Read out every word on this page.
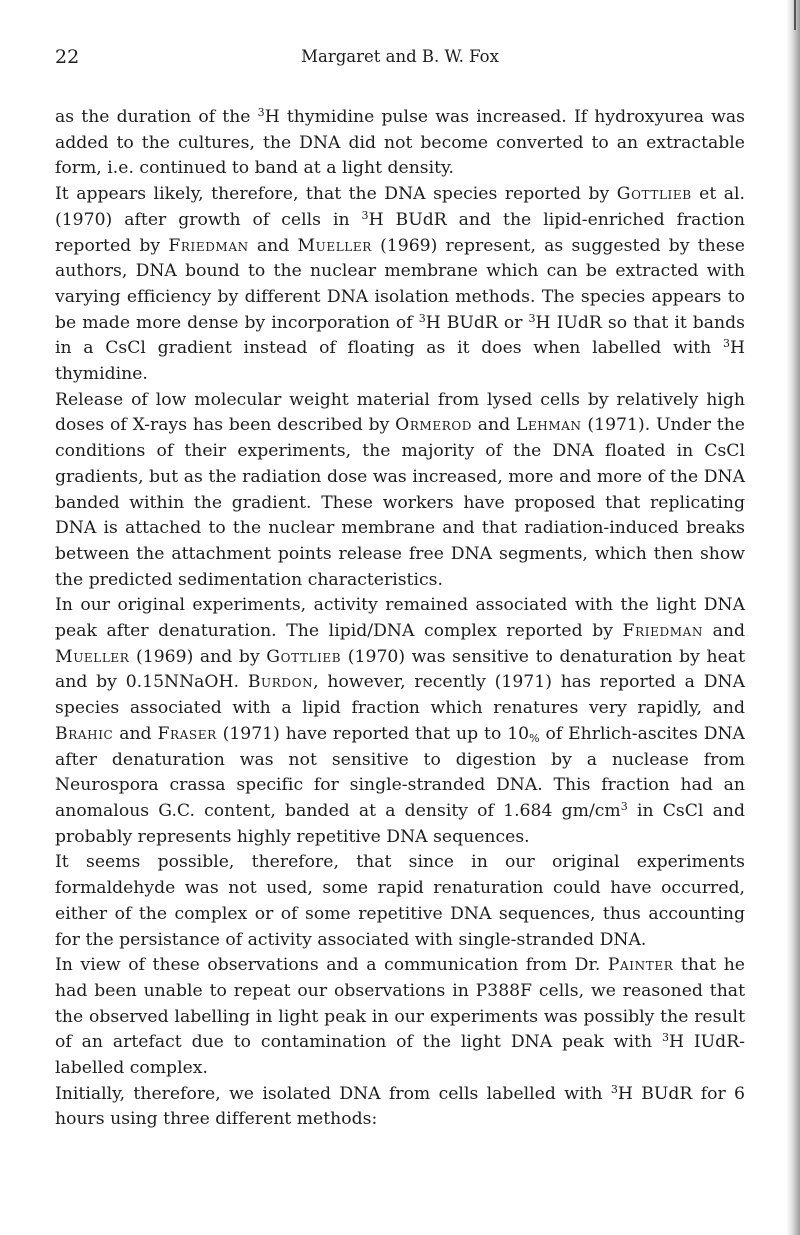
22	Margaret and B. W. Fox

as the duration of the $^3$H thymidine pulse was increased. If hydroxyurea was added to the cultures, the DNA did not become converted to an extractable form, i.e. continued to band at a light density.

It appears likely, therefore, that the DNA species reported by Gottlieb et al. (1970) after growth of cells in $^3$H BUdR and the lipid-enriched fraction reported by Friedman and Mueller (1969) represent, as suggested by these authors, DNA bound to the nuclear membrane which can be extracted with varying efficiency by different DNA isolation methods. The species appears to be made more dense by incorporation of $^3$H BUdR or $^3$H IUdR so that it bands in a CsCl gradient instead of floating as it does when labelled with $^3$H thymidine.

Release of low molecular weight material from lysed cells by relatively high doses of X-rays has been described by Ormerod and Lehman (1971). Under the conditions of their experiments, the majority of the DNA floated in CsCl gradients, but as the radiation dose was increased, more and more of the DNA banded within the gradient. These workers have proposed that replicating DNA is attached to the nuclear membrane and that radiation-induced breaks between the attachment points release free DNA segments, which then show the predicted sedimentation characteristics.

In our original experiments, activity remained associated with the light DNA peak after denaturation. The lipid/DNA complex reported by Friedman and Mueller (1969) and by Gottlieb (1970) was sensitive to denaturation by heat and by 0.15NNaOH. Burdon, however, recently (1971) has reported a DNA species associated with a lipid fraction which renatures very rapidly, and Brahic and Fraser (1971) have reported that up to $10_{\%}$ of Ehrlich-ascites DNA after denaturation was not sensitive to digestion by a nuclease from Neurospora crassa specific for single-stranded DNA. This fraction had an anomalous G.C. content, banded at a density of 1.684 $gm/cm^3$ in CsCl and probably represents highly repetitive DNA sequences.

It seems possible, therefore, that since in our original experiments formaldehyde was not used, some rapid renaturation could have occurred, either of the complex or of some repetitive DNA sequences, thus accounting for the persistance of activity associated with single-stranded DNA.

In view of these observations and a communication from Dr. Painter that he had been unable to repeat our observations in P388F cells, we reasoned that the observed labelling in light peak in our experiments was possibly the result of an artefact due to contamination of the light DNA peak with $^3$H IUdR-labelled complex.

Initially, therefore, we isolated DNA from cells labelled with $^3$H BUdR for 6 hours using three different methods:
